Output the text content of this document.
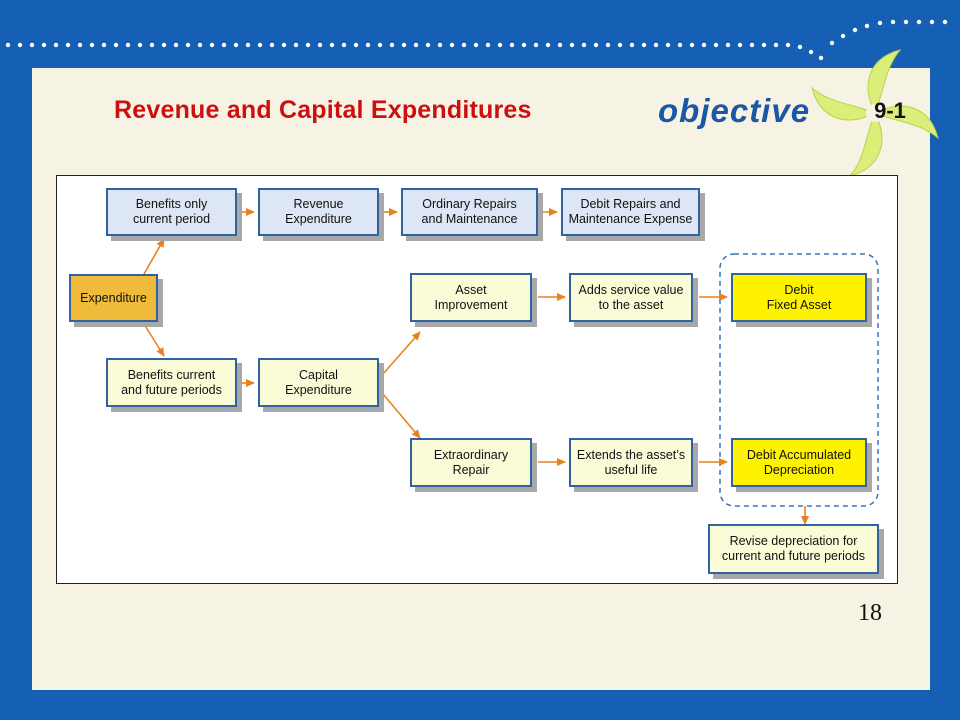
Revenue and Capital Expenditures	objective	9-1
Benefits only
current period
Revenue
Expenditure
Ordinary Repairs
and Maintenance
Debit Repairs and
Maintenance Expense
Expenditure
Asset
Improvement
Adds service value
to the asset
Debit
Fixed Asset
Benefits current
and future periods
Capital
Expenditure
Extraordinary
Repair
Extends the asset’s
useful life
Debit Accumulated
Depreciation
Revise depreciation for
current and future periods
18
